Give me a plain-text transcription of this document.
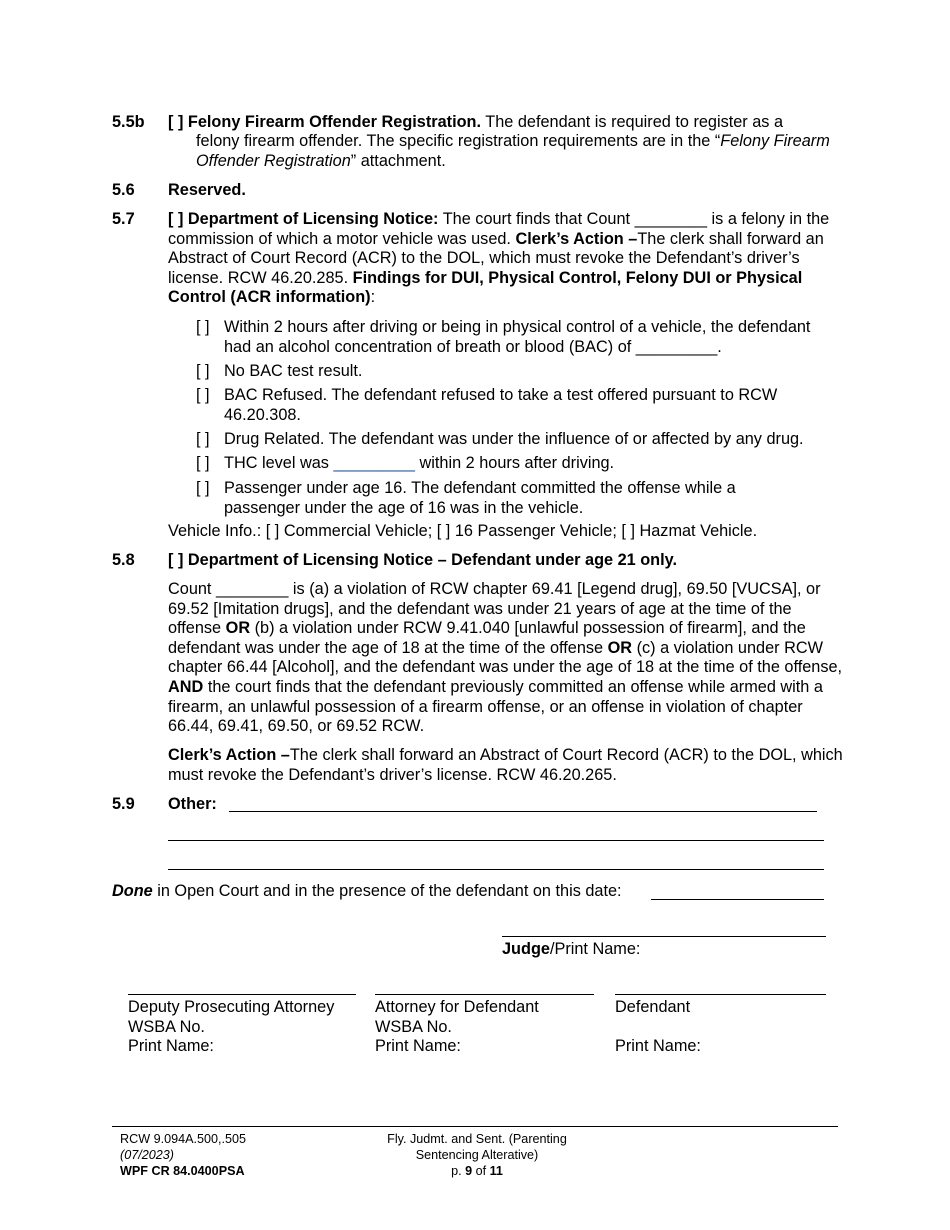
5.5b [ ] Felony Firearm Offender Registration. The defendant is required to register as a
felony firearm offender. The specific registration requirements are in the “Felony Firearm Offender Registration” attachment.
5.6 Reserved.
5.7 [ ] Department of Licensing Notice: The court finds that Count ________ is a felony in the commission of which a motor vehicle was used. Clerk’s Action –The clerk shall forward an Abstract of Court Record (ACR) to the DOL, which must revoke the Defendant’s driver’s license. RCW 46.20.285. Findings for DUI, Physical Control, Felony DUI or Physical Control (ACR information):
[ ] Within 2 hours after driving or being in physical control of a vehicle, the defendant had an alcohol concentration of breath or blood (BAC) of _________.
[ ] No BAC test result.
[ ] BAC Refused. The defendant refused to take a test offered pursuant to RCW 46.20.308.
[ ] Drug Related. The defendant was under the influence of or affected by any drug.
[ ] THC level was _________ within 2 hours after driving.
[ ] Passenger under age 16. The defendant committed the offense while a passenger under the age of 16 was in the vehicle.
Vehicle Info.: [ ] Commercial Vehicle; [ ] 16 Passenger Vehicle; [ ] Hazmat Vehicle.
5.8 [ ] Department of Licensing Notice – Defendant under age 21 only.
Count ________ is (a) a violation of RCW chapter 69.41 [Legend drug], 69.50 [VUCSA], or 69.52 [Imitation drugs], and the defendant was under 21 years of age at the time of the offense OR (b) a violation under RCW 9.41.040 [unlawful possession of firearm], and the defendant was under the age of 18 at the time of the offense OR (c) a violation under RCW chapter 66.44 [Alcohol], and the defendant was under the age of 18 at the time of the offense, AND the court finds that the defendant previously committed an offense while armed with a firearm, an unlawful possession of a firearm offense, or an offense in violation of chapter 66.44, 69.41, 69.50, or 69.52 RCW.
Clerk’s Action –The clerk shall forward an Abstract of Court Record (ACR) to the DOL, which must revoke the Defendant’s driver’s license. RCW 46.20.265.
5.9 Other:
Done in Open Court and in the presence of the defendant on this date:
Judge/Print Name:
Deputy Prosecuting Attorney
WSBA No.
Print Name:
Attorney for Defendant
WSBA No.
Print Name:
Defendant
Print Name:
RCW 9.094A.500,.505
(07/2023)
WPF CR 84.0400PSA
Fly. Judmt. and Sent. (Parenting
Sentencing Alterative)
p. 9 of 11
